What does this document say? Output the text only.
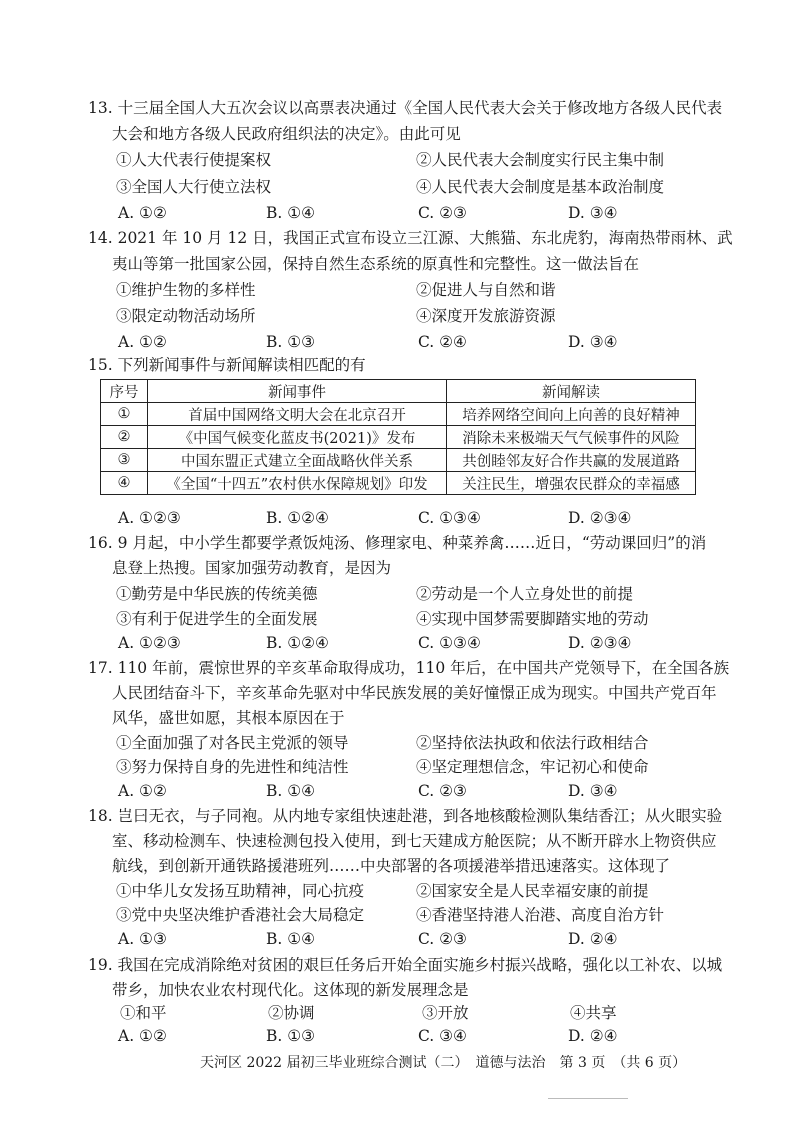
13. 十三届全国人大五次会议以高票表决通过《全国人民代表大会关于修改地方各级人民代表
大会和地方各级人民政府组织法的决定》。由此可见
①人大代表行使提案权	②人民代表大会制度实行民主集中制
③全国人大行使立法权	④人民代表大会制度是基本政治制度
A. ①②	B. ①④	C. ②③	D. ③④
14. 2021 年 10 月 12 日，我国正式宣布设立三江源、大熊猫、东北虎豹，海南热带雨林、武
夷山等第一批国家公园，保持自然生态系统的原真性和完整性。这一做法旨在
①维护生物的多样性	②促进人与自然和谐
③限定动物活动场所	④深度开发旅游资源
A. ①②	B. ①③	C. ②④	D. ③④
15. 下列新闻事件与新闻解读相匹配的有
序号	新闻事件	新闻解读
①	首届中国网络文明大会在北京召开	培养网络空间向上向善的良好精神
②	《中国气候变化蓝皮书(2021)》发布	消除未来极端天气气候事件的风险
③	中国东盟正式建立全面战略伙伴关系	共创睦邻友好合作共赢的发展道路
④	《全国“十四五”农村供水保障规划》印发	关注民生，增强农民群众的幸福感
A. ①②③	B. ①②④	C. ①③④	D. ②③④
16. 9 月起，中小学生都要学煮饭炖汤、修理家电、种菜养禽……近日，“劳动课回归”的消
息登上热搜。国家加强劳动教育，是因为
①勤劳是中华民族的传统美德	②劳动是一个人立身处世的前提
③有利于促进学生的全面发展	④实现中国梦需要脚踏实地的劳动
A. ①②③	B. ①②④	C. ①③④	D. ②③④
17. 110 年前，震惊世界的辛亥革命取得成功，110 年后，在中国共产党领导下，在全国各族
人民团结奋斗下，辛亥革命先驱对中华民族发展的美好憧憬正成为现实。中国共产党百年
风华，盛世如愿，其根本原因在于
①全面加强了对各民主党派的领导	②坚持依法执政和依法行政相结合
③努力保持自身的先进性和纯洁性	④坚定理想信念，牢记初心和使命
A. ①②	B. ①④	C. ②③	D. ③④
18. 岂曰无衣，与子同袍。从内地专家组快速赴港，到各地核酸检测队集结香江；从火眼实验
室、移动检测车、快速检测包投入使用，到七天建成方舱医院；从不断开辟水上物资供应
航线，到创新开通铁路援港班列……中央部署的各项援港举措迅速落实。这体现了
①中华儿女发扬互助精神，同心抗疫	②国家安全是人民幸福安康的前提
③党中央坚决维护香港社会大局稳定	④香港坚持港人治港、高度自治方针
A. ①③	B. ①④	C. ②③	D. ②④
19. 我国在完成消除绝对贫困的艰巨任务后开始全面实施乡村振兴战略，强化以工补农、以城
带乡，加快农业农村现代化。这体现的新发展理念是
①和平	②协调	③开放	④共享
A. ①②	B. ①③	C. ③④	D. ②④
天河区 2022 届初三毕业班综合测试（二）　道德与法治　第 3 页　（共 6 页）
